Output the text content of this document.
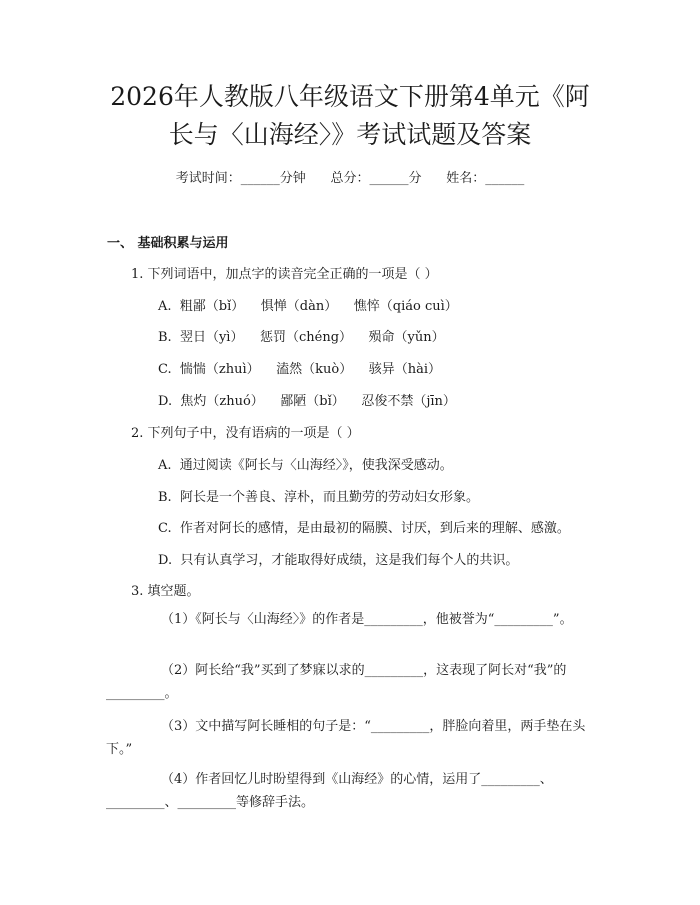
2026年人教版八年级语文下册第4单元《阿
长与〈山海经〉》考试试题及答案
考试时间：______分钟      总分：______分      姓名：______
一、 基础积累与运用
1. 下列词语中，加点字的读音完全正确的一项是（ ）
A.  粗鄙（bǐ）    惧惮（dàn）    憔悴（qiáo cuì）
B.  翌日（yì）    惩罚（chéng）    殒命（yǔn）
C.  惴惴（zhuì）    溘然（kuò）    骇异（hài）
D.  焦灼（zhuó）    鄙陋（bǐ）    忍俊不禁（jīn）
2. 下列句子中，没有语病的一项是（ ）
A.  通过阅读《阿长与〈山海经〉》，使我深受感动。
B.  阿长是一个善良、淳朴，而且勤劳的劳动妇女形象。
C.  作者对阿长的感情，是由最初的隔膜、讨厌，到后来的理解、感激。
D.  只有认真学习，才能取得好成绩，这是我们每个人的共识。
3. 填空题。

（1）《阿长与〈山海经〉》的作者是_________，他被誉为“_________”。

（2）阿长给“我”买到了梦寐以求的_________，这表现了阿长对“我”的_________。

（3）文中描写阿长睡相的句子是：“_________，胖脸向着里，两手垫在头下。”

（4）作者回忆儿时盼望得到《山海经》的心情，运用了_________、_________、_________等修辞手法。
